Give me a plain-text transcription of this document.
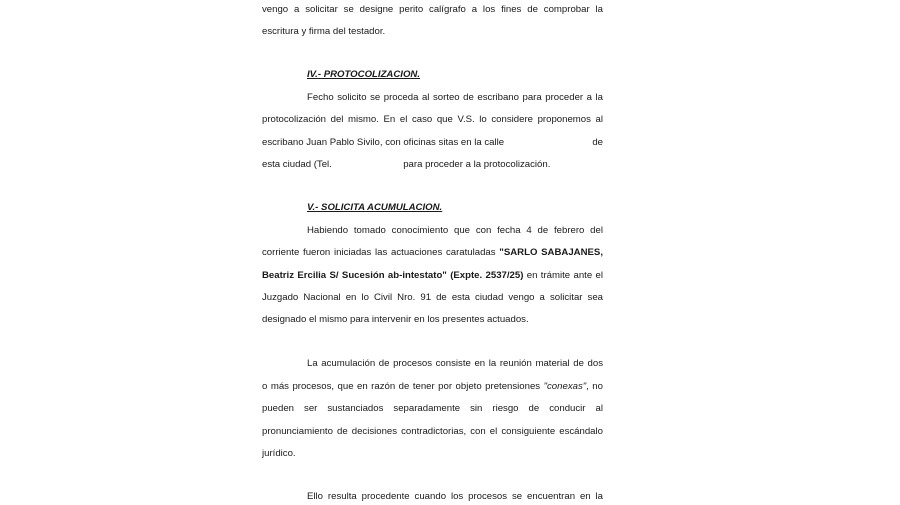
vengo a solicitar se designe perito calígrafo a los fines de comprobar la
escritura y firma del testador.
IV.- PROTOCOLIZACION.
Fecho solicito se proceda al sorteo de escribano para proceder a la
protocolización del mismo. En el caso que V.S. lo considere proponemos al
escribano Juan Pablo Sivilo, con oficinas sitas en la calle	de
esta ciudad (Tel.	para proceder a la protocolización.
V.- SOLICITA ACUMULACION.
Habiendo tomado conocimiento que con fecha 4 de febrero del
corriente fueron iniciadas las actuaciones caratuladas "SARLO SABAJANES,
Beatriz Ercilia S/ Sucesión ab-intestato" (Expte. 2537/25) en trámite ante el
Juzgado Nacional en lo Civil Nro. 91 de esta ciudad vengo a solicitar sea
designado el mismo para intervenir en los presentes actuados.
La acumulación de procesos consiste en la reunión material de dos
o más procesos, que en razón de tener por objeto pretensiones "conexas", no
pueden ser sustanciados separadamente sin riesgo de conducir al
pronunciamiento de decisiones contradictorias, con el consiguiente escándalo
jurídico.
Ello resulta procedente cuando los procesos se encuentran en la
